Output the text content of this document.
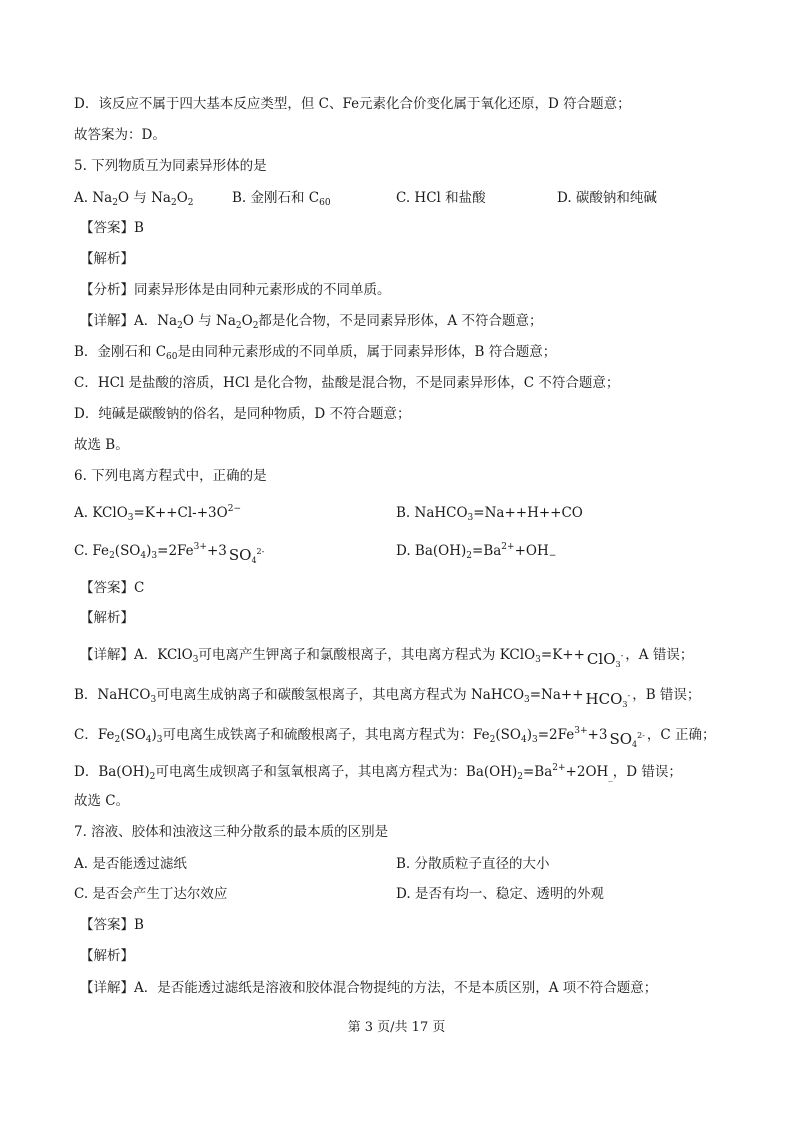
D．该反应不属于四大基本反应类型，但 C、Fe元素化合价变化属于氧化还原，D 符合题意；
故答案为：D。
5. 下列物质互为同素异形体的是
A. $Na_2O$ 与 $Na_2O_2$	B. 金刚石和 $C_{60}$	C. HCl 和盐酸	D. 碳酸钠和纯碱
【答案】B
【解析】
【分析】同素异形体是由同种元素形成的不同单质。
【详解】A．$Na_2O$ 与 $Na_2O_2$都是化合物，不是同素异形体，A 不符合题意；
B．金刚石和 $C_{60}$是由同种元素形成的不同单质，属于同素异形体，B 符合题意；
C．HCl 是盐酸的溶质，HCl 是化合物，盐酸是混合物，不是同素异形体，C 不符合题意；
D．纯碱是碳酸钠的俗名，是同种物质，D 不符合题意；
故选 B。
6. 下列电离方程式中，正确的是
A. $KClO_3=K++Cl-+3O^{2-}$	B. NaHCO$_3$=Na++H++CO
C. $Fe_2(SO_4)_3=2Fe^{3+}+3$ $SO_4^{2-}$	D. $Ba(OH)_2=Ba^{2+}+OH_-$
【答案】C
【解析】
【详解】A．KClO$_3$可电离产生钾离子和氯酸根离子，其电离方程式为 KClO$_3$=K++ ClO$_3$- ，A 错误；
B．NaHCO$_3$可电离生成钠离子和碳酸氢根离子，其电离方程式为 NaHCO$_3$=Na++ $HCO_3^-$ ，B 错误；
C．$Fe_2(SO_4)_3$可电离生成铁离子和硫酸根离子，其电离方程式为：$Fe_2(SO_4)_3=2Fe^{3+}+3$ $SO_4^{2-}$ ，C 正确；
D．$Ba(OH)_2$可电离生成钡离子和氢氧根离子，其电离方程式为：$Ba(OH)_2=Ba^{2+}+2OH_{\_}$，D 错误；
故选 C。
7. 溶液、胶体和浊液这三种分散系的最本质的区别是
A. 是否能透过滤纸	B. 分散质粒子直径的大小
C. 是否会产生丁达尔效应	D. 是否有均一、稳定、透明的外观
【答案】B
【解析】
【详解】A．是否能透过滤纸是溶液和胶体混合物提纯的方法，不是本质区别，A 项不符合题意；
第 3 页/共 17 页
